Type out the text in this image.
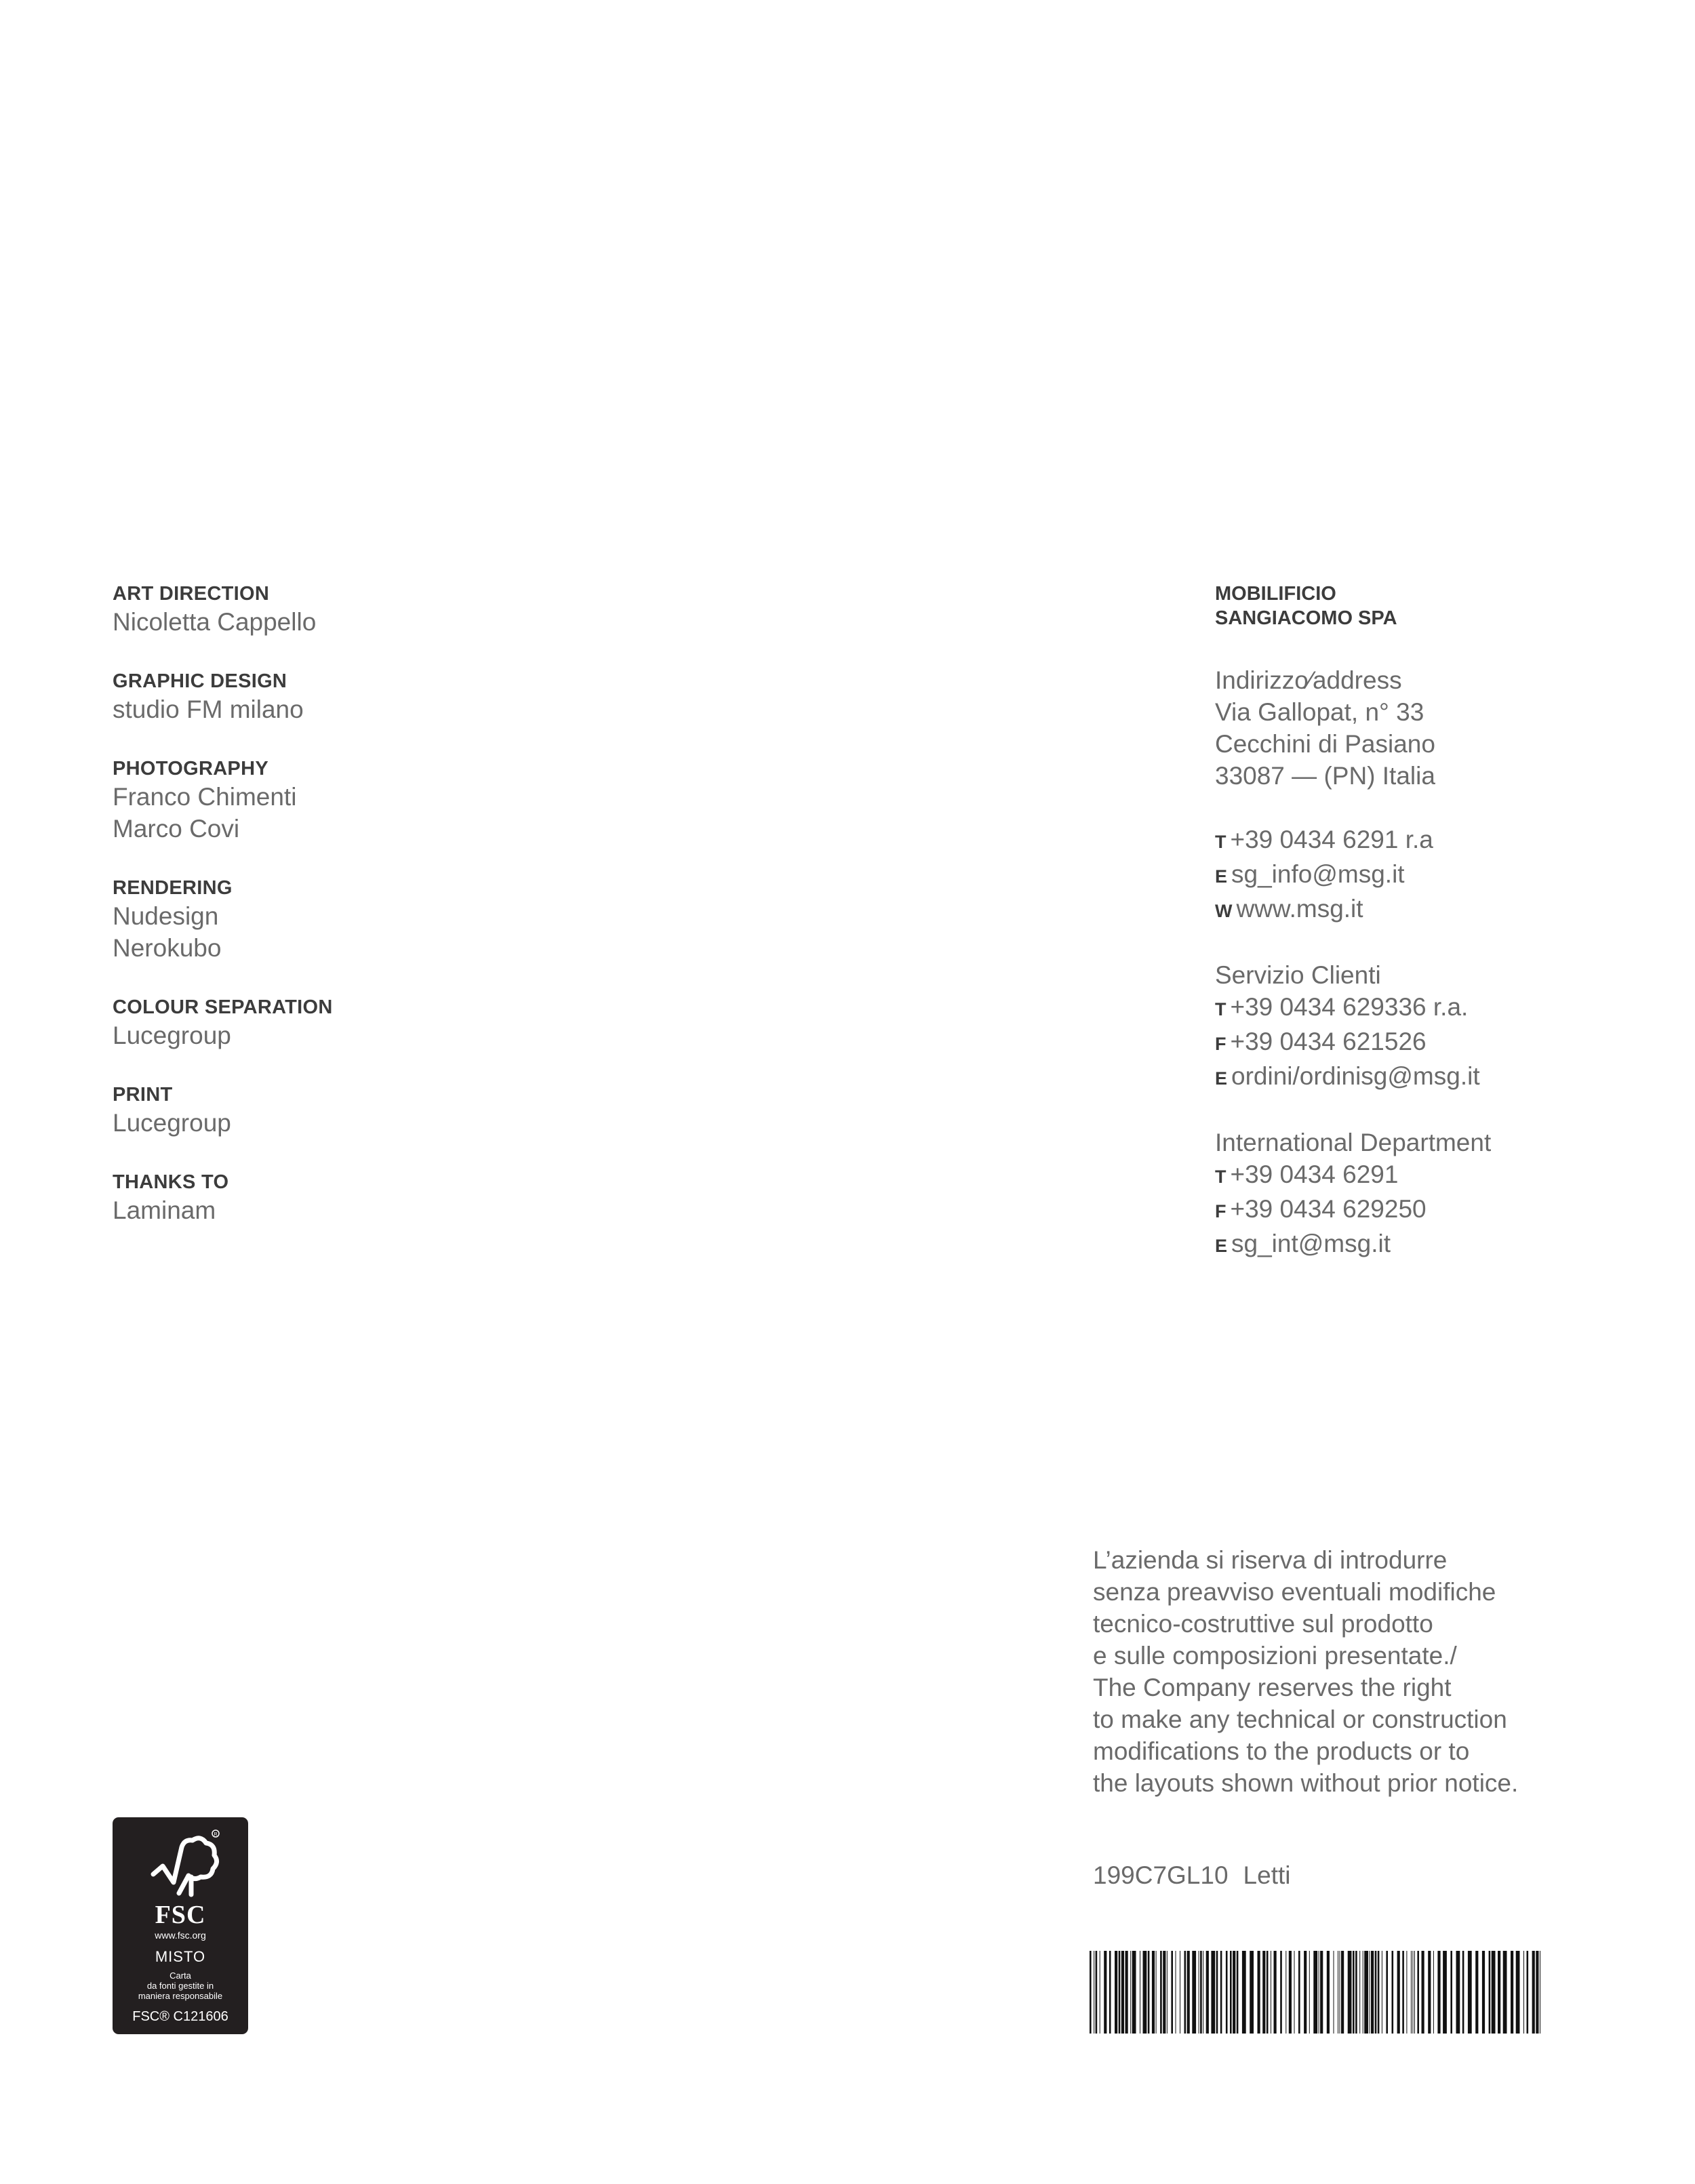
ART DIRECTION
Nicoletta Cappello
GRAPHIC DESIGN
studio FM milano
PHOTOGRAPHY
Franco Chimenti
Marco Covi
RENDERING
Nudesign
Nerokubo
COLOUR SEPARATION
Lucegroup
PRINT
Lucegroup
THANKS TO
Laminam
MOBILIFICIO
SANGIACOMO SPA
Indirizzo⁄address
Via Gallopat, n° 33
Cecchini di Pasiano
33087 — (PN) Italia
T +39 0434 6291 r.a
E sg_info@msg.it
W www.msg.it
Servizio Clienti
T +39 0434 629336 r.a.
F +39 0434 621526
E ordini/ordinisg@msg.it
International Department
T +39 0434 6291
F +39 0434 629250
E sg_int@msg.it
L’azienda si riserva di introdurre
senza preavviso eventuali modifiche
tecnico-costruttive sul prodotto
e sulle composizioni presentate./
The Company reserves the right
to make any technical or construction
modifications to the products or to
the layouts shown without prior notice.
199C7GL10 Letti
R
FSC
www.fsc.org
MISTO
Carta
da fonti gestite in
maniera responsabile
FSC® C121606
